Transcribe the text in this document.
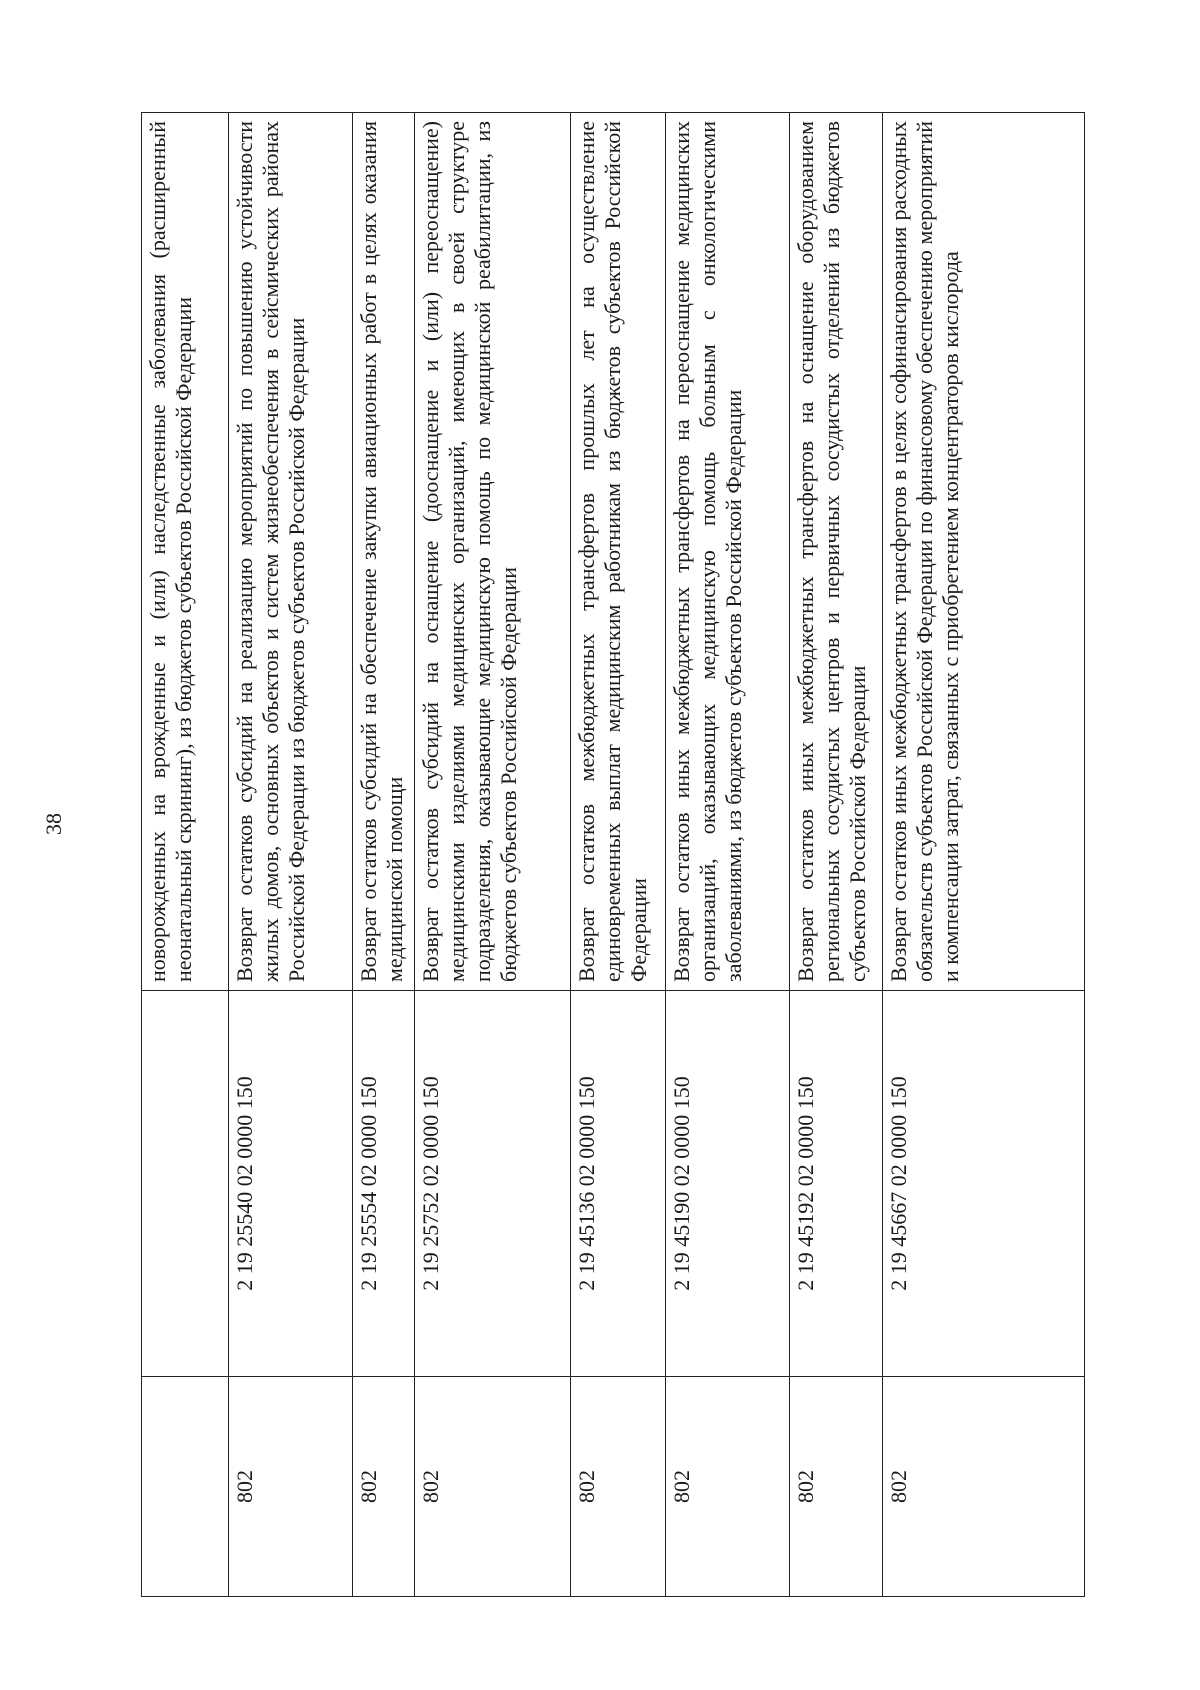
38
			новорожденных на врожденные и (или) наследственные заболевания (расширенный неонатальный скрининг), из бюджетов субъектов Российской Федерации
802	2 19 25540 02 0000 150	Возврат остатков субсидий на реализацию мероприятий по повышению устойчивости жилых домов, основных объектов и систем жизнеобеспечения в сейсмических районах Российской Федерации из бюджетов субъектов Российской Федерации
802	2 19 25554 02 0000 150	Возврат остатков субсидий на обеспечение закупки авиационных работ в целях оказания медицинской помощи
802	2 19 25752 02 0000 150	Возврат остатков субсидий на оснащение (дооснащение и (или) переоснащение) медицинскими изделиями медицинских организаций, имеющих в своей структуре подразделения, оказывающие медицинскую помощь по медицинской реабилитации, из бюджетов субъектов Российской Федерации
802	2 19 45136 02 0000 150	Возврат остатков межбюджетных трансфертов прошлых лет на осуществление единовременных выплат медицинским работникам из бюджетов субъектов Российской Федерации
802	2 19 45190 02 0000 150	Возврат остатков иных межбюджетных трансфертов на переоснащение медицинских организаций, оказывающих медицинскую помощь больным с онкологическими заболеваниями, из бюджетов субъектов Российской Федерации
802	2 19 45192 02 0000 150	Возврат остатков иных межбюджетных трансфертов на оснащение оборудованием региональных сосудистых центров и первичных сосудистых отделений из бюджетов субъектов Российской Федерации
802	2 19 45667 02 0000 150	Возврат остатков иных межбюджетных трансфертов в целях софинансирования расходных обязательств субъектов Российской Федерации по финансовому обеспечению мероприятий и компенсации затрат, связанных с приобретением концентраторов кислорода
